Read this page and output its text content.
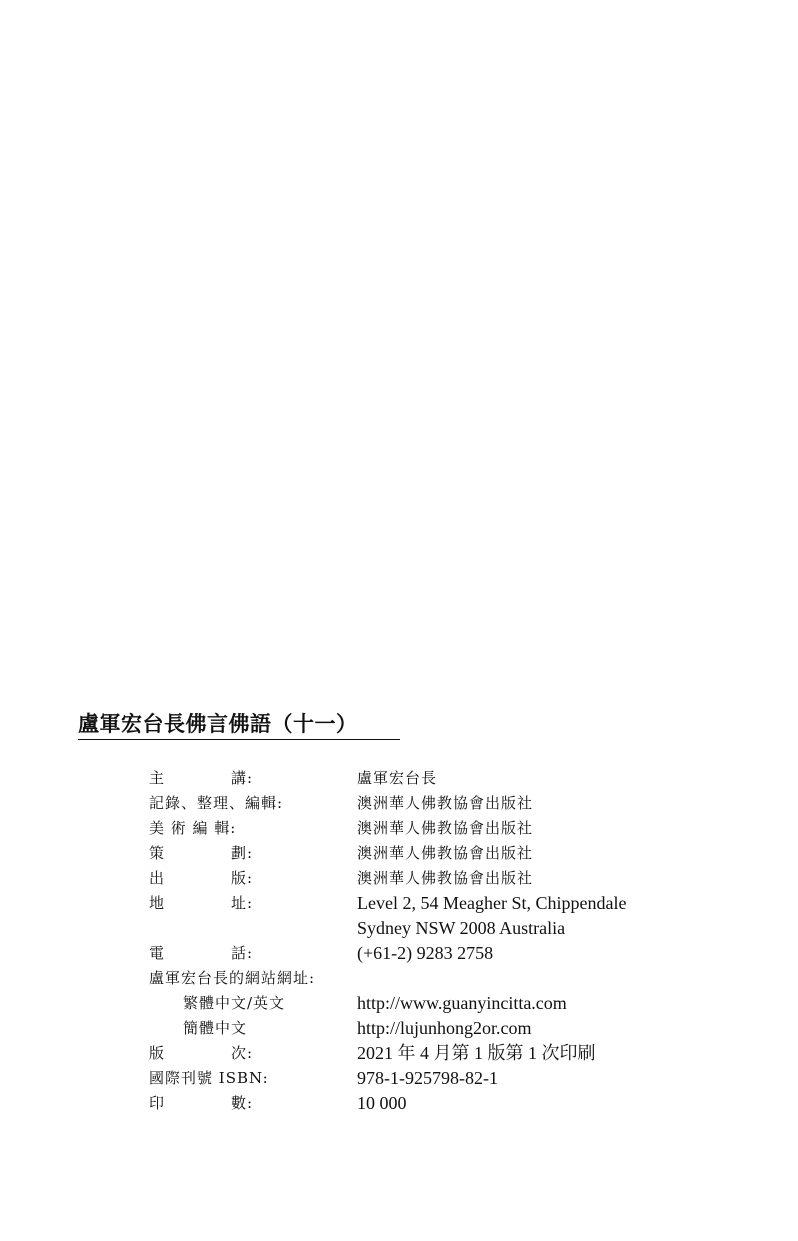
盧軍宏台長佛言佛語（十一）
主	講:	盧軍宏台長
記錄、整理、編輯:	澳洲華人佛教協會出版社
美 術 編 輯:	澳洲華人佛教協會出版社
策	劃:	澳洲華人佛教協會出版社
出	版:	澳洲華人佛教協會出版社
地	址:	Level 2, 54 Meagher St, Chippendale
Sydney NSW 2008 Australia
電	話:	(+61-2) 9283 2758
盧軍宏台長的網站網址:
繁體中文/英文	http://www.guanyincitta.com
簡體中文	http://lujunhong2or.com
版	次:	2021 年 4 月第 1 版第 1 次印刷
國際刊號 ISBN:	978-1-925798-82-1
印	數:	10 000
